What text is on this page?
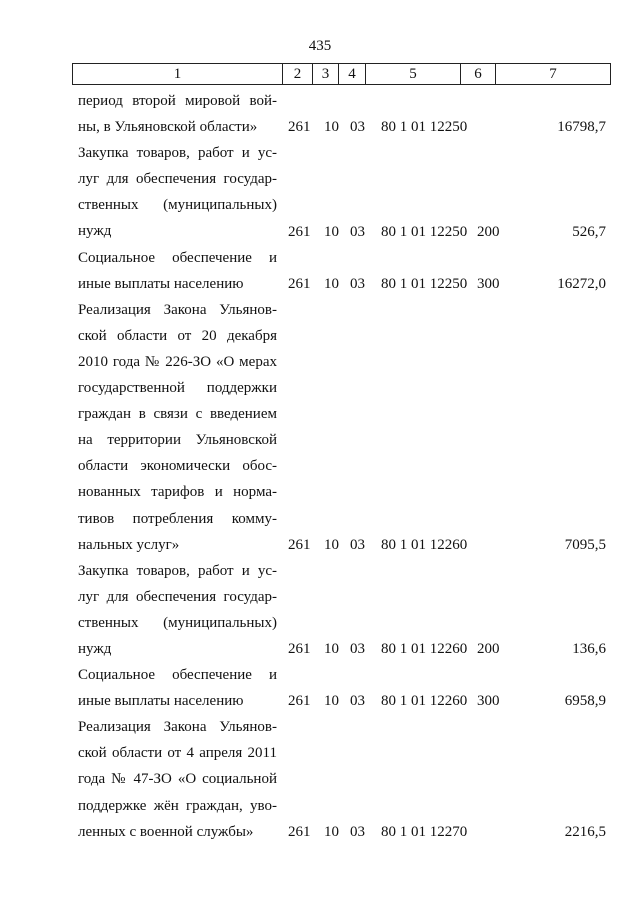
435
1	2	3	4	5	6	7
период второй мировой вой-
ны, в Ульяновской области»	261 10 03 80 1 01 12250	16798,7
Закупка товаров, работ и ус-
луг для обеспечения государ-
ственных (муниципальных)
нужд	261 10 03 80 1 01 12250 200	526,7
Социальное обеспечение и
иные выплаты населению	261 10 03 80 1 01 12250 300	16272,0
Реализация Закона Ульянов-
ской области от 20 декабря
2010 года № 226-ЗО «О мерах
государственной поддержки
граждан в связи с введением
на территории Ульяновской
области экономически обос-
нованных тарифов и норма-
тивов потребления комму-
нальных услуг»	261 10 03 80 1 01 12260	7095,5
Закупка товаров, работ и ус-
луг для обеспечения государ-
ственных (муниципальных)
нужд	261 10 03 80 1 01 12260 200	136,6
Социальное обеспечение и
иные выплаты населению	261 10 03 80 1 01 12260 300	6958,9
Реализация Закона Ульянов-
ской области от 4 апреля 2011
года № 47-ЗО «О социальной
поддержке жён граждан, уво-
ленных с военной службы»	261 10 03 80 1 01 12270	2216,5
